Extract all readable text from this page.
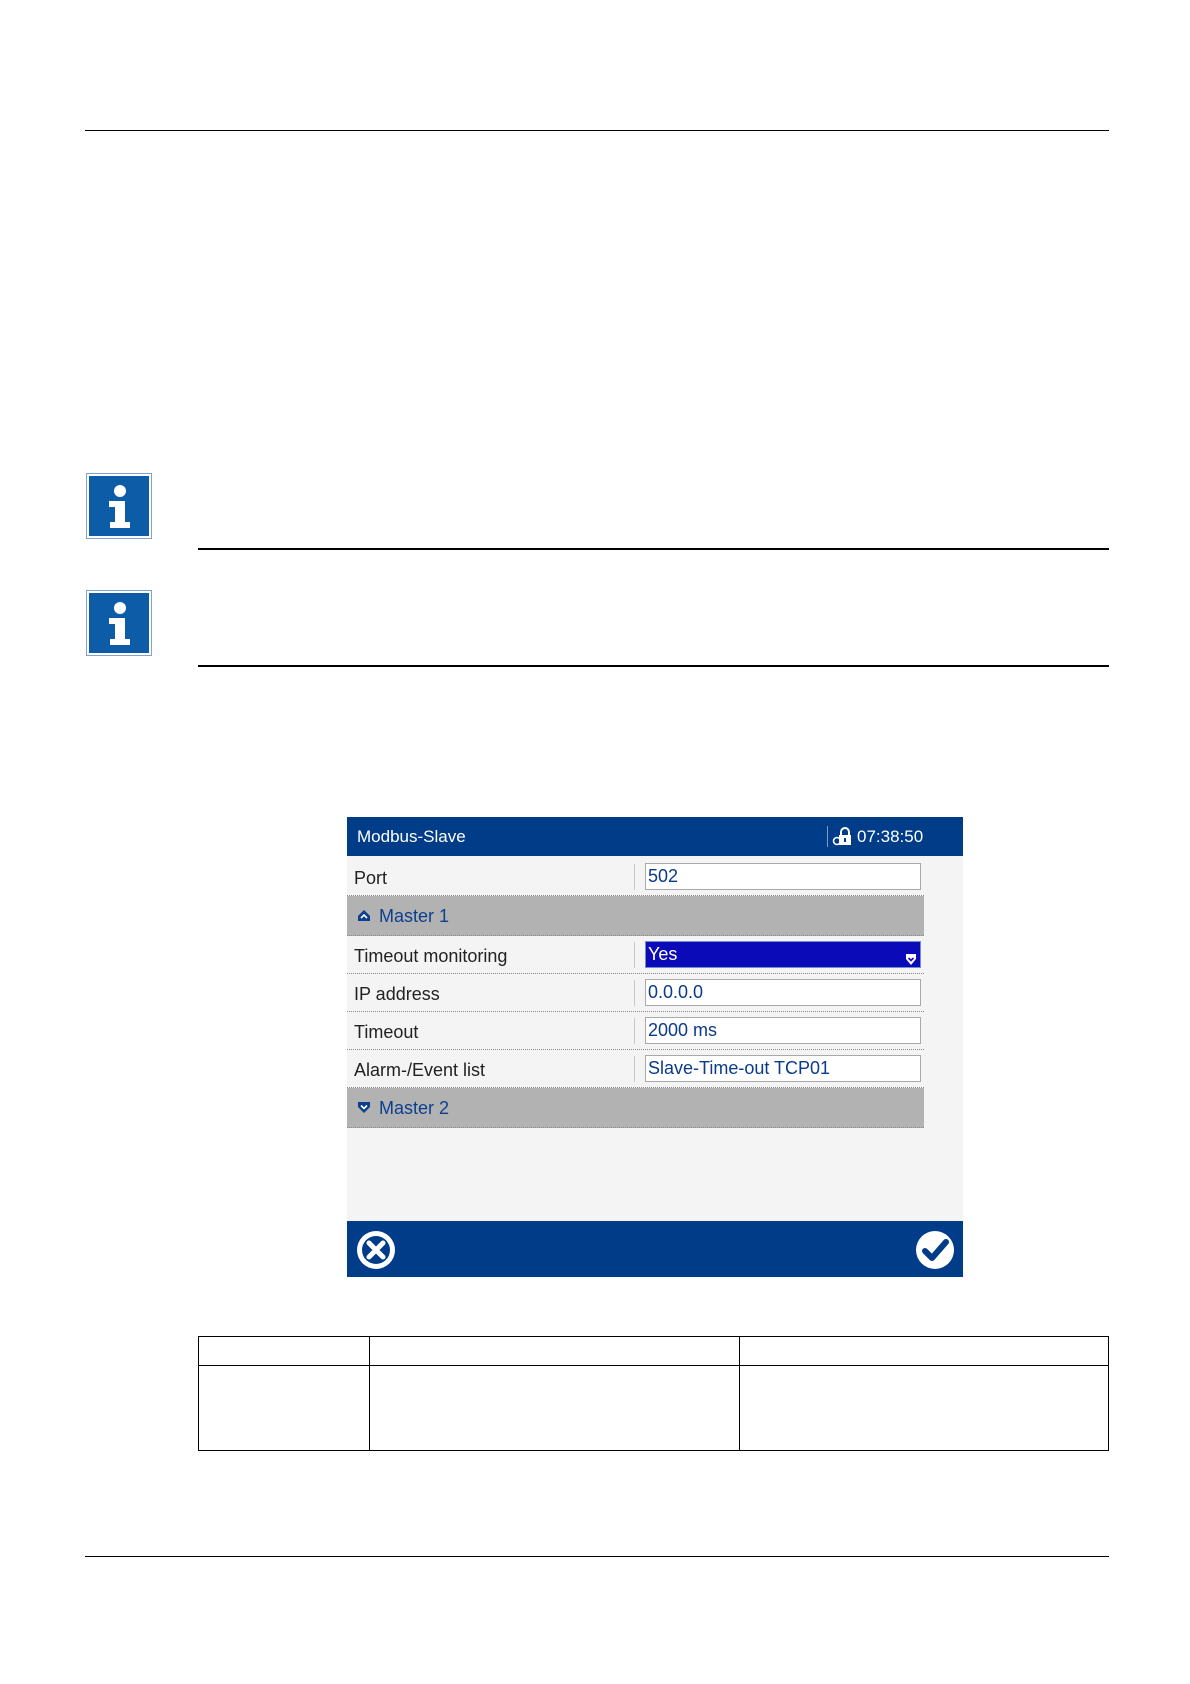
Modbus-Slave	07:38:50
Port	502
Master 1
Timeout monitoring	Yes
IP address	0.0.0.0
Timeout	2000 ms
Alarm-/Event list	Slave-Time-out TCP01
Master 2
